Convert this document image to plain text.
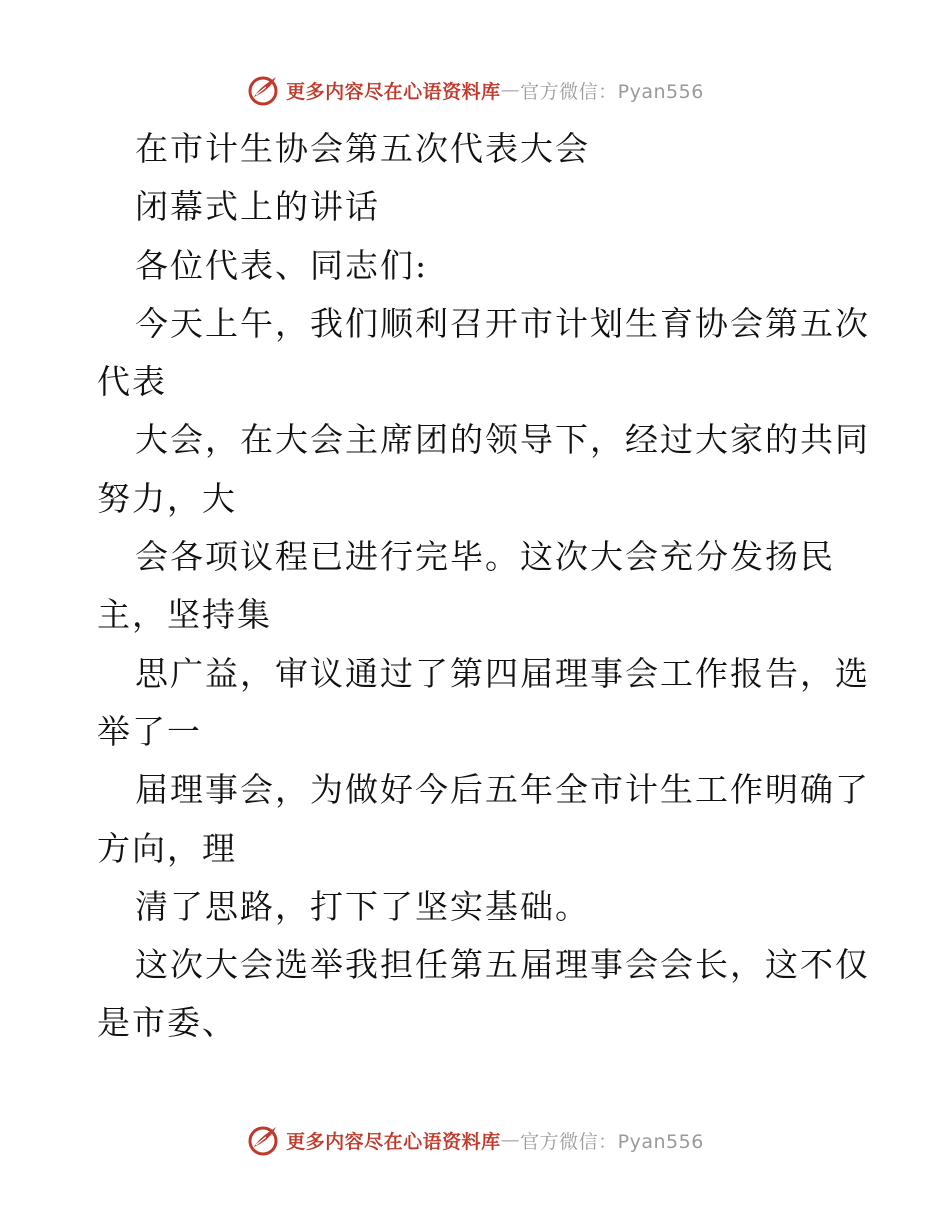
更多内容尽在心语资料库 — 官方微信：Pyan556
在市计生协会第五次代表大会
闭幕式上的讲话
各位代表、同志们:
今天上午，我们顺利召开市计划生育协会第五次
代表
大会，在大会主席团的领导下，经过大家的共同
努力，大
会各项议程已进行完毕。这次大会充分发扬民
主，坚持集
思广益，审议通过了第四届理事会工作报告，选
举了一
届理事会，为做好今后五年全市计生工作明确了
方向，理
清了思路，打下了坚实基础。
这次大会选举我担任第五届理事会会长，这不仅
是市委、
更多内容尽在心语资料库 — 官方微信：Pyan556
